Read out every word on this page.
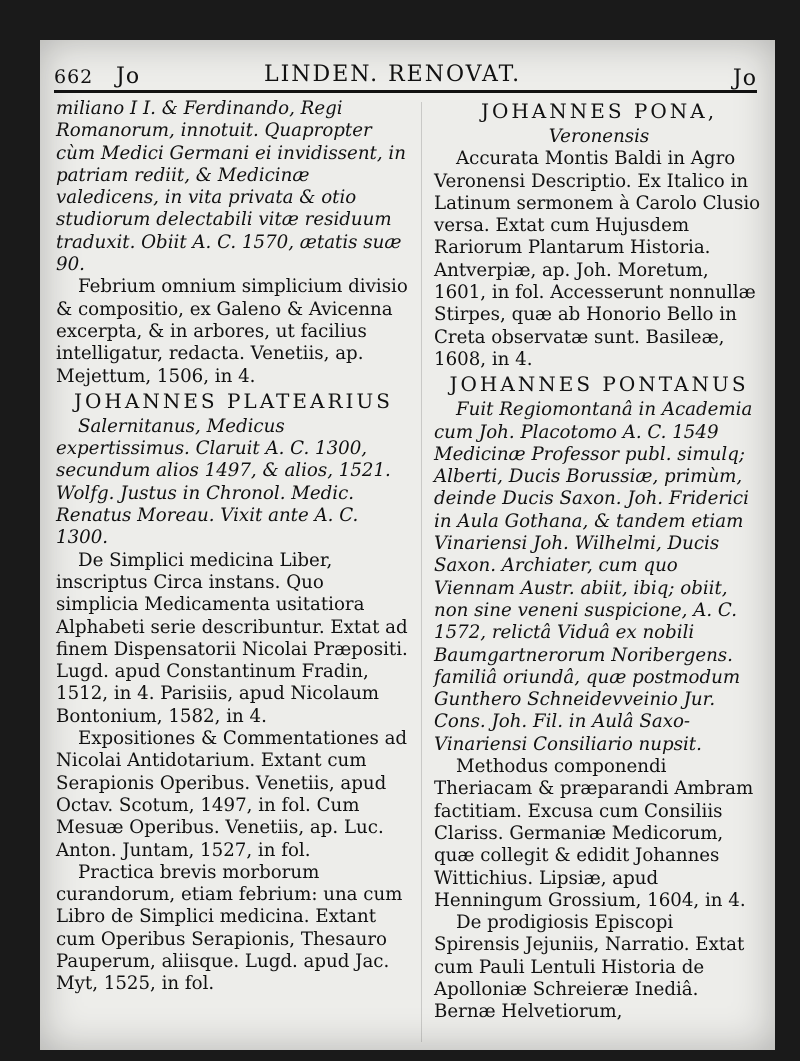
662 Jo	LINDEN. RENOVAT.	Jo

miliano I I. & Ferdinando, Regi Romanorum, innotuit. Quapropter cùm Medici Germani ei invidissent, in patriam rediit, & Medicinæ valedicens, in vita privata & otio studiorum delectabili vitæ residuum traduxit. Obiit A. C. 1570, ætatis suæ 90.

Febrium omnium simplicium divisio & compositio, ex Galeno & Avicenna excerpta, & in arbores, ut facilius intelligatur, redacta. Venetiis, ap. Mejettum, 1506, in 4.

JOHANNES PLATEARIUS

Salernitanus, Medicus expertissimus. Claruit A. C. 1300, secundum alios 1497, & alios, 1521. Wolfg. Justus in Chronol. Medic. Renatus Moreau. Vixit ante A. C. 1300.

De Simplici medicina Liber, inscriptus Circa instans. Quo simplicia Medicamenta usitatiora Alphabeti serie describuntur. Extat ad finem Dispensatorii Nicolai Præpositi. Lugd. apud Constantinum Fradin, 1512, in 4. Parisiis, apud Nicolaum Bontonium, 1582, in 4.

Expositiones & Commentationes ad Nicolai Antidotarium. Extant cum Serapionis Operibus. Venetiis, apud Octav. Scotum, 1497, in fol. Cum Mesuæ Operibus. Venetiis, ap. Luc. Anton. Juntam, 1527, in fol.

Practica brevis morborum curandorum, etiam febrium: una cum Libro de Simplici medicina. Extant cum Operibus Serapionis, Thesauro Pauperum, aliisque. Lugd. apud Jac. Myt, 1525, in fol.

JOHANNES PONA,

Veronensis

Accurata Montis Baldi in Agro Veronensi Descriptio. Ex Italico in Latinum sermonem à Carolo Clusio versa. Extat cum Hujusdem Rariorum Plantarum Historia. Antverpiæ, ap. Joh. Moretum, 1601, in fol. Accesserunt nonnullæ Stirpes, quæ ab Honorio Bello in Creta observatæ sunt. Basileæ, 1608, in 4.

JOHANNES PONTANUS

Fuit Regiomontanâ in Academia cum Joh. Placotomo A. C. 1549 Medicinæ Professor publ. simulq; Alberti, Ducis Borussiæ, primùm, deinde Ducis Saxon. Joh. Friderici in Aula Gothana, & tandem etiam Vinariensi Joh. Wilhelmi, Ducis Saxon. Archiater, cum quo Viennam Austr. abiit, ibiq; obiit, non sine veneni suspicione, A. C. 1572, relictâ Viduâ ex nobili Baumgartnerorum Noribergens. familiâ oriundâ, quæ postmodum Gunthero Schneidevveinio Jur. Cons. Joh. Fil. in Aulâ Saxo-Vinariensi Consiliario nupsit.

Methodus componendi Theriacam & præparandi Ambram factitiam. Excusa cum Consiliis Clariss. Germaniæ Medicorum, quæ collegit & edidit Johannes Wittichius. Lipsiæ, apud Henningum Grossium, 1604, in 4.

De prodigiosis Episcopi Spirensis Jejuniis, Narratio. Extat cum Pauli Lentuli Historia de Apolloniæ Schreieræ Inediâ. Bernæ Helvetiorum,
